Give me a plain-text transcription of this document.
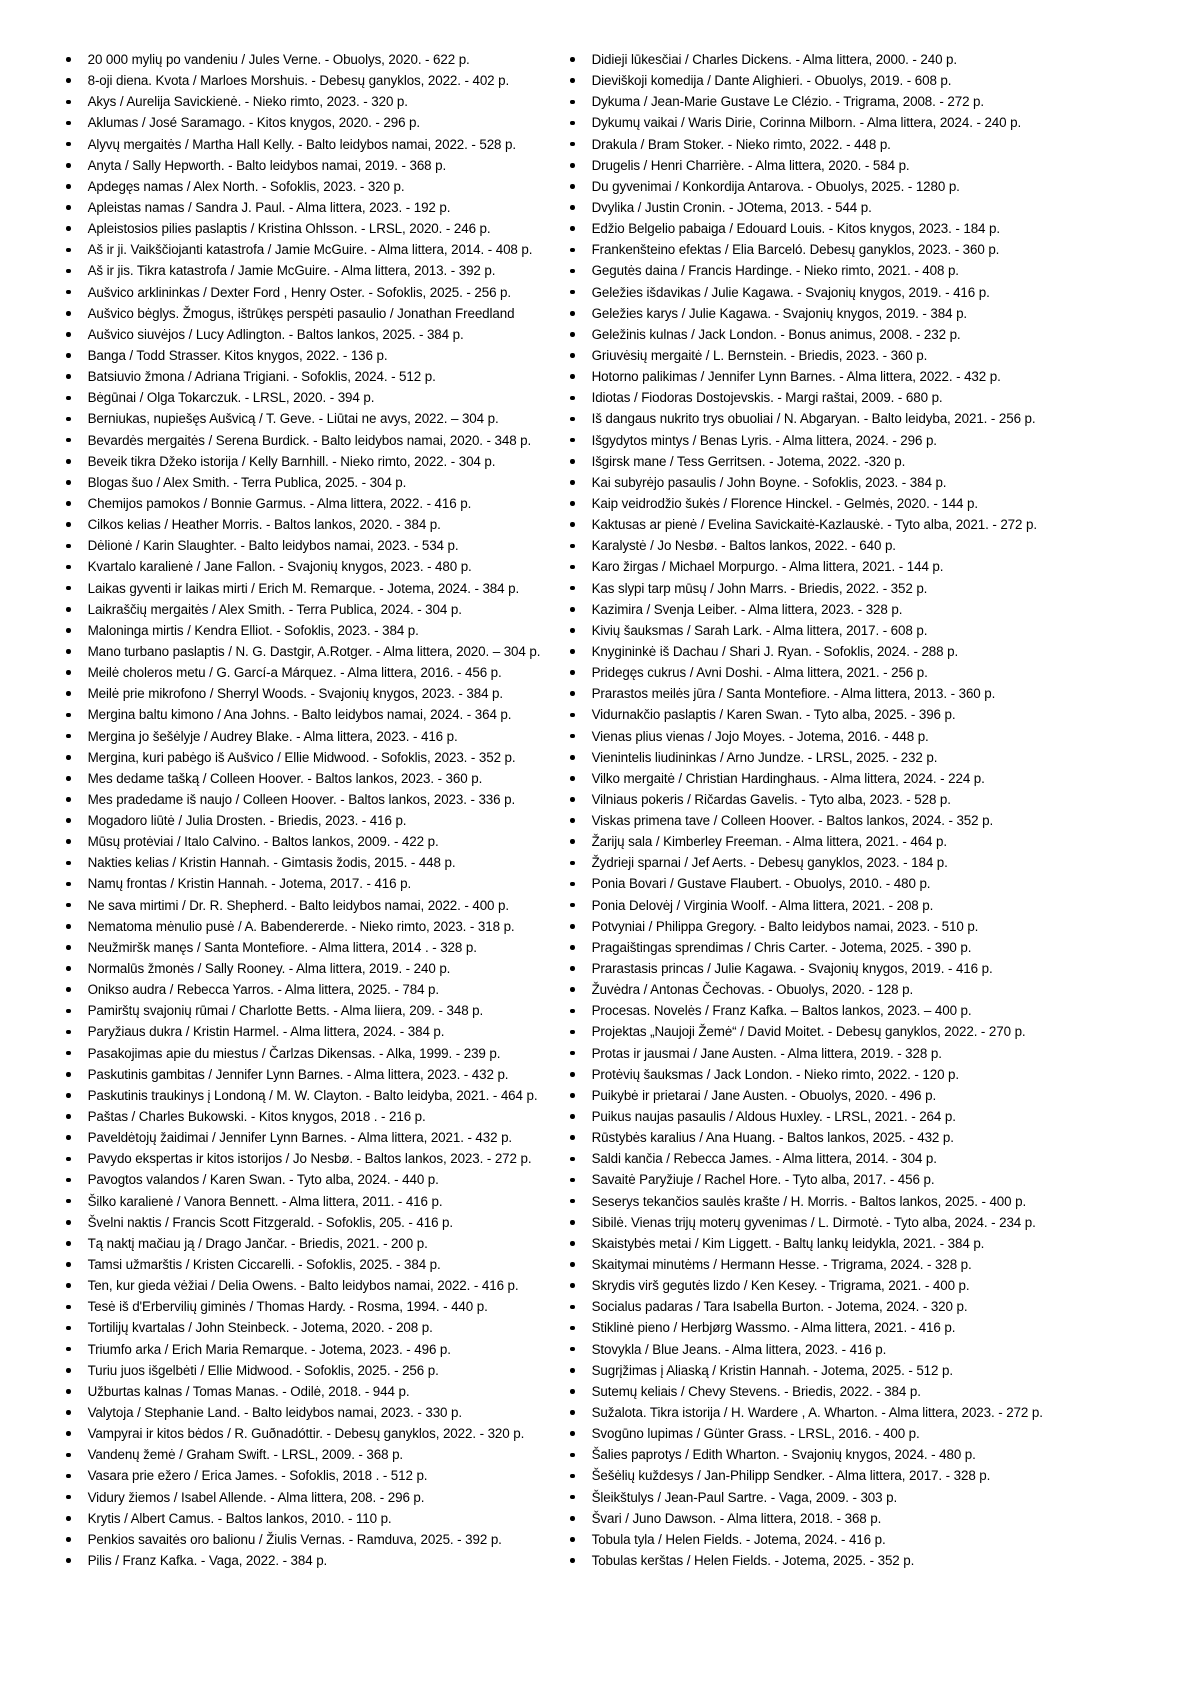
20 000 mylių po vandeniu / Jules Verne. - Obuolys, 2020. - 622 p.
8-oji diena. Kvota / Marloes Morshuis. - Debesų ganyklos, 2022. - 402 p.
Akys / Aurelija Savickienė. - Nieko rimto, 2023. - 320 p.
Aklumas / José Saramago. - Kitos knygos, 2020. - 296 p.
Alyvų mergaitės / Martha Hall Kelly. - Balto leidybos namai, 2022. - 528 p.
Anyta / Sally Hepworth. - Balto leidybos namai, 2019. - 368 p.
Apdegęs namas / Alex North. - Sofoklis, 2023. - 320 p.
Apleistas namas / Sandra J. Paul. - Alma littera, 2023. - 192 p.
Apleistosios pilies paslaptis / Kristina Ohlsson. - LRSL, 2020. - 246 p.
Aš ir ji. Vaikščiojanti katastrofa / Jamie McGuire. - Alma littera, 2014. - 408 p.
Aš ir jis. Tikra katastrofa / Jamie McGuire. - Alma littera, 2013. - 392 p.
Aušvico arklininkas / Dexter Ford , Henry Oster. - Sofoklis, 2025. - 256 p.
Aušvico bėglys. Žmogus, ištrūkęs perspėti pasaulio / Jonathan Freedland
Aušvico siuvėjos / Lucy Adlington. - Baltos lankos, 2025. - 384 p.
Banga / Todd Strasser. Kitos knygos, 2022. - 136 p.
Batsiuvio žmona / Adriana Trigiani. - Sofoklis, 2024. - 512 p.
Bėgūnai / Olga Tokarczuk. - LRSL, 2020. - 394 p.
Berniukas, nupiešęs Aušvicą / T. Geve. - Liūtai ne avys, 2022. – 304 p.
Bevardės mergaitės / Serena Burdick. - Balto leidybos namai, 2020. - 348 p.
Beveik tikra Džeko istorija / Kelly Barnhill. - Nieko rimto, 2022. - 304 p.
Blogas šuo / Alex Smith. - Terra Publica, 2025. - 304 p.
Chemijos pamokos / Bonnie Garmus. - Alma littera, 2022. - 416 p.
Cilkos kelias / Heather Morris. - Baltos lankos, 2020. - 384 p.
Dėlionė / Karin Slaughter. - Balto leidybos namai, 2023. - 534 p.
Kvartalo karalienė / Jane Fallon. - Svajonių knygos, 2023. - 480 p.
Laikas gyventi ir laikas mirti / Erich M. Remarque. - Jotema, 2024. - 384 p.
Laikraščių mergaitės / Alex Smith. - Terra Publica, 2024. - 304 p.
Maloninga mirtis / Kendra Elliot. - Sofoklis, 2023. - 384 p.
Mano turbano paslaptis / N. G. Dastgir, A.Rotger. - Alma littera, 2020. – 304 p.
Meilė choleros metu / G. Garcí-a Márquez. - Alma littera, 2016. - 456 p.
Meilė prie mikrofono / Sherryl Woods. - Svajonių knygos, 2023. - 384 p.
Mergina baltu kimono / Ana Johns. - Balto leidybos namai, 2024. - 364 p.
Mergina jo šešėlyje / Audrey Blake. - Alma littera, 2023. - 416 p.
Mergina, kuri pabėgo iš Aušvico / Ellie Midwood. - Sofoklis, 2023. - 352 p.
Mes dedame tašką / Colleen Hoover. - Baltos lankos, 2023. - 360 p.
Mes pradedame iš naujo / Colleen Hoover. - Baltos lankos, 2023. - 336 p.
Mogadoro liūtė / Julia Drosten. - Briedis, 2023. - 416 p.
Mūsų protėviai / Italo Calvino. - Baltos lankos, 2009. - 422 p.
Nakties kelias / Kristin Hannah. - Gimtasis žodis, 2015. - 448 p.
Namų frontas / Kristin Hannah. - Jotema, 2017. - 416 p.
Ne sava mirtimi / Dr. R. Shepherd. - Balto leidybos namai, 2022. - 400 p.
Nematoma mėnulio pusė / A. Babendererde. - Nieko rimto, 2023. - 318 p.
Neužmiršk manęs / Santa Montefiore. - Alma littera, 2014 . - 328 p.
Normalūs žmonės / Sally Rooney. - Alma littera, 2019. - 240 p.
Onikso audra / Rebecca Yarros. - Alma littera, 2025. - 784 p.
Pamirštų svajonių rūmai / Charlotte Betts. - Alma liiera, 209. - 348 p.
Paryžiaus dukra / Kristin Harmel. - Alma littera, 2024. - 384 p.
Pasakojimas apie du miestus / Čarlzas Dikensas. - Alka, 1999. - 239 p.
Paskutinis gambitas / Jennifer Lynn Barnes. - Alma littera, 2023. - 432 p.
Paskutinis traukinys į Londoną / M. W. Clayton. - Balto leidyba, 2021. - 464 p.
Paštas / Charles Bukowski. - Kitos knygos, 2018 . - 216 p.
Paveldėtojų žaidimai / Jennifer Lynn Barnes. - Alma littera, 2021. - 432 p.
Pavydo ekspertas ir kitos istorijos / Jo Nesbø. - Baltos lankos, 2023. - 272 p.
Pavogtos valandos / Karen Swan. - Tyto alba, 2024. - 440 p.
Šilko karalienė / Vanora Bennett. - Alma littera, 2011. - 416 p.
Švelni naktis / Francis Scott Fitzgerald. - Sofoklis, 205. - 416 p.
Tą naktį mačiau ją / Drago Jančar. - Briedis, 2021. - 200 p.
Tamsi užmarštis / Kristen Ciccarelli. - Sofoklis, 2025. - 384 p.
Ten, kur gieda vėžiai / Delia Owens. - Balto leidybos namai, 2022. - 416 p.
Tesė iš d'Erbervilių giminės / Thomas Hardy. - Rosma, 1994. - 440 p.
Tortilijų kvartalas / John Steinbeck. - Jotema, 2020. - 208 p.
Triumfo arka / Erich Maria Remarque. - Jotema, 2023. - 496 p.
Turiu juos išgelbėti / Ellie Midwood. - Sofoklis, 2025. - 256 p.
Užburtas kalnas / Tomas Manas. - Odilė, 2018. - 944 p.
Valytoja / Stephanie Land. - Balto leidybos namai, 2023. - 330 p.
Vampyrai ir kitos bėdos / R. Guðnadóttir. - Debesų ganyklos, 2022. - 320 p.
Vandenų žemė / Graham Swift. - LRSL, 2009. - 368 p.
Vasara prie ežero / Erica James. - Sofoklis, 2018 . - 512 p.
Vidury žiemos / Isabel Allende. - Alma littera, 208. - 296 p.
Krytis / Albert Camus. - Baltos lankos, 2010. - 110 p.
Penkios savaitės oro balionu / Žiulis Vernas. - Ramduva, 2025. - 392 p.
Pilis / Franz Kafka. - Vaga, 2022. - 384 p.
Didieji lūkesčiai / Charles Dickens. - Alma littera, 2000. - 240 p.
Dieviškoji komedija / Dante Alighieri. - Obuolys, 2019. - 608 p.
Dykuma / Jean-Marie Gustave Le Clézio. - Trigrama, 2008. - 272 p.
Dykumų vaikai / Waris Dirie, Corinna Milborn. - Alma littera, 2024. - 240 p.
Drakula / Bram Stoker. - Nieko rimto, 2022. - 448 p.
Drugelis / Henri Charrière. - Alma littera, 2020. - 584 p.
Du gyvenimai / Konkordija Antarova. - Obuolys, 2025. - 1280 p.
Dvylika / Justin Cronin. - JOtema, 2013. - 544 p.
Edžio Belgelio pabaiga / Edouard Louis. - Kitos knygos, 2023. - 184 p.
Frankenšteino efektas / Elia Barceló. Debesų ganyklos, 2023. - 360 p.
Gegutės daina / Francis Hardinge. - Nieko rimto, 2021. - 408 p.
Geležies išdavikas / Julie Kagawa. - Svajonių knygos, 2019. - 416 p.
Geležies karys / Julie Kagawa. - Svajonių knygos, 2019. - 384 p.
Geležinis kulnas / Jack London. - Bonus animus, 2008. - 232 p.
Griuvėsių mergaitė / L. Bernstein. - Briedis, 2023. - 360 p.
Hotorno palikimas / Jennifer Lynn Barnes. - Alma littera, 2022. - 432 p.
Idiotas / Fiodoras Dostojevskis. - Margi raštai, 2009. - 680 p.
Iš dangaus nukrito trys obuoliai / N. Abgaryan. - Balto leidyba, 2021. - 256 p.
Išgydytos mintys / Benas Lyris. - Alma littera, 2024. - 296 p.
Išgirsk mane / Tess Gerritsen. - Jotema, 2022. -320 p.
Kai subyrėjo pasaulis / John Boyne. - Sofoklis, 2023. - 384 p.
Kaip veidrodžio šukės / Florence Hinckel. - Gelmės, 2020. - 144 p.
Kaktusas ar pienė / Evelina Savickaitė-Kazlauskė. - Tyto alba, 2021. - 272 p.
Karalystė / Jo Nesbø. - Baltos lankos, 2022. - 640 p.
Karo žirgas / Michael Morpurgo. - Alma littera, 2021. - 144 p.
Kas slypi tarp mūsų / John Marrs. - Briedis, 2022. - 352 p.
Kazimira / Svenja Leiber. - Alma littera, 2023. - 328 p.
Kivių šauksmas / Sarah Lark. - Alma littera, 2017. - 608 p.
Knygininkė iš Dachau / Shari J. Ryan. - Sofoklis, 2024. - 288 p.
Pridegęs cukrus / Avni Doshi. - Alma littera, 2021. - 256 p.
Prarastos meilės jūra / Santa Montefiore. - Alma littera, 2013. - 360 p.
Vidurnakčio paslaptis / Karen Swan. - Tyto alba, 2025. - 396 p.
Vienas plius vienas / Jojo Moyes. - Jotema, 2016. - 448 p.
Vienintelis liudininkas / Arno Jundze. - LRSL, 2025. - 232 p.
Vilko mergaitė / Christian Hardinghaus. - Alma littera, 2024. - 224 p.
Vilniaus pokeris / Ričardas Gavelis. - Tyto alba, 2023. - 528 p.
Viskas primena tave / Colleen Hoover. - Baltos lankos, 2024. - 352 p.
Žarijų sala / Kimberley Freeman. - Alma littera, 2021. - 464 p.
Žydrieji sparnai / Jef Aerts. - Debesų ganyklos, 2023. - 184 p.
Ponia Bovari / Gustave Flaubert. - Obuolys, 2010. - 480 p.
Ponia Delovėj / Virginia Woolf. - Alma littera, 2021. - 208 p.
Potvyniai / Philippa Gregory. - Balto leidybos namai, 2023. - 510 p.
Pragaištingas sprendimas / Chris Carter. - Jotema, 2025. - 390 p.
Prarastasis princas / Julie Kagawa. - Svajonių knygos, 2019. - 416 p.
Žuvėdra / Antonas Čechovas. - Obuolys, 2020. - 128 p.
Procesas. Novelės / Franz Kafka. – Baltos lankos, 2023. – 400 p.
Projektas „Naujoji Žemė“ / David Moitet. - Debesų ganyklos, 2022. - 270 p.
Protas ir jausmai / Jane Austen. - Alma littera, 2019. - 328 p.
Protėvių šauksmas / Jack London. - Nieko rimto, 2022. - 120 p.
Puikybė ir prietarai / Jane Austen. - Obuolys, 2020. - 496 p.
Puikus naujas pasaulis / Aldous Huxley. - LRSL, 2021. - 264 p.
Rūstybės karalius / Ana Huang. - Baltos lankos, 2025. - 432 p.
Saldi kančia / Rebecca James. - Alma littera, 2014. - 304 p.
Savaitė Paryžiuje / Rachel Hore. - Tyto alba, 2017. - 456 p.
Seserys tekančios saulės krašte / H. Morris. - Baltos lankos, 2025. - 400 p.
Sibilė. Vienas trijų moterų gyvenimas / L. Dirmotė. - Tyto alba, 2024. - 234 p.
Skaistybės metai / Kim Liggett. - Baltų lankų leidykla, 2021. - 384 p.
Skaitymai minutėms / Hermann Hesse. - Trigrama, 2024. - 328 p.
Skrydis virš gegutės lizdo / Ken Kesey. - Trigrama, 2021. - 400 p.
Socialus padaras / Tara Isabella Burton. - Jotema, 2024. - 320 p.
Stiklinė pieno / Herbjørg Wassmo. - Alma littera, 2021. - 416 p.
Stovykla / Blue Jeans. - Alma littera, 2023. - 416 p.
Sugrįžimas į Aliaską / Kristin Hannah. - Jotema, 2025. - 512 p.
Sutemų keliais / Chevy Stevens. - Briedis, 2022. - 384 p.
Sužalota. Tikra istorija / H. Wardere , A. Wharton. - Alma littera, 2023. - 272 p.
Svogūno lupimas / Günter Grass. - LRSL, 2016. - 400 p.
Šalies paprotys / Edith Wharton. - Svajonių knygos, 2024. - 480 p.
Šešėlių kuždesys / Jan-Philipp Sendker. - Alma littera, 2017. - 328 p.
Šleikštulys / Jean-Paul Sartre. - Vaga, 2009. - 303 p.
Švari / Juno Dawson. - Alma littera, 2018. - 368 p.
Tobula tyla / Helen Fields. - Jotema, 2024. - 416 p.
Tobulas kerštas / Helen Fields. - Jotema, 2025. - 352 p.
